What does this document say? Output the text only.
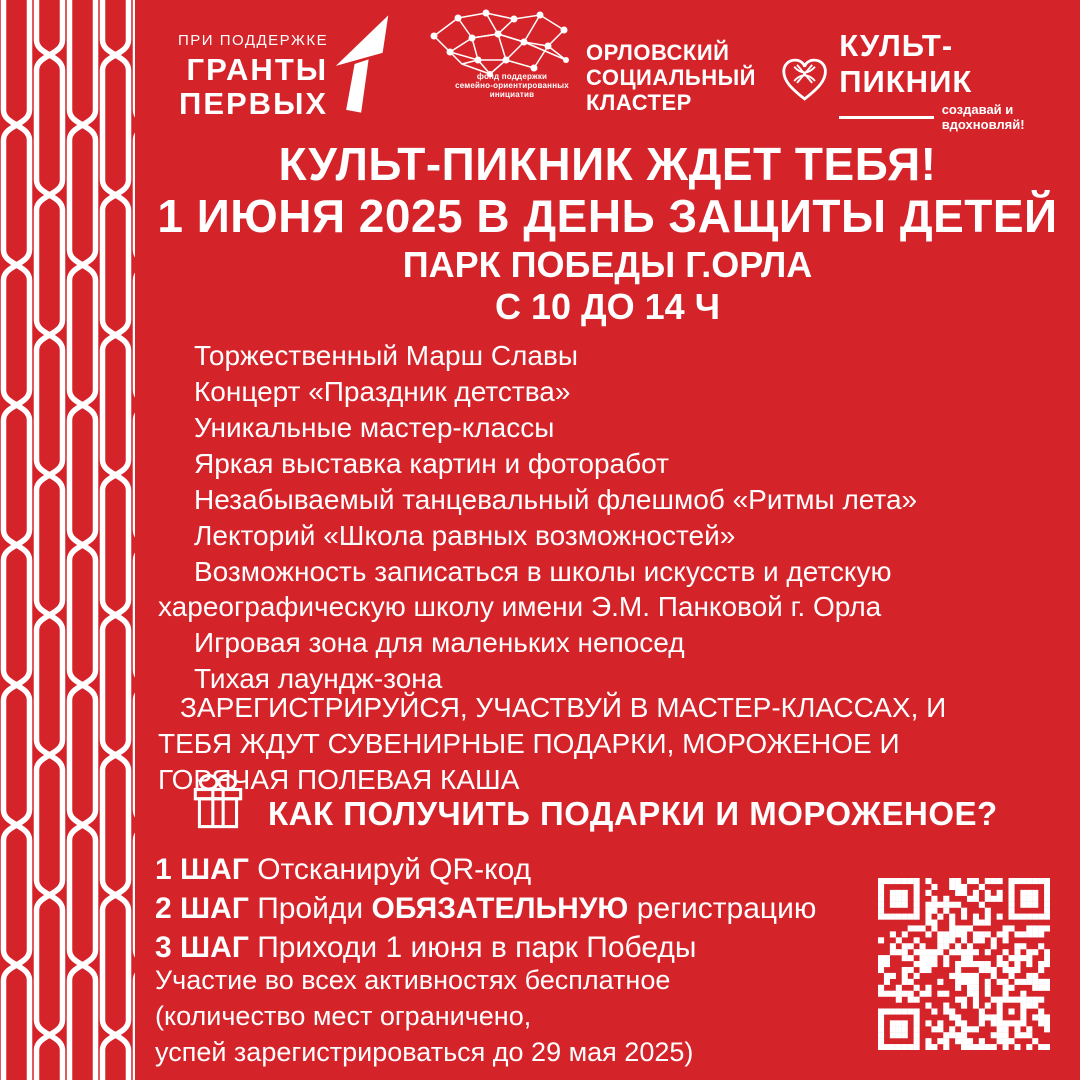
ПРИ ПОДДЕРЖКЕ
ГРАНТЫ
ПЕРВЫХ
фонд поддержки
семейно-ориентированных
инициатив
ОРЛОВСКИЙ
СОЦИАЛЬНЫЙ
КЛАСТЕР
КУЛЬТ-ПИКНИК
создавай и вдохновляй!
КУЛЬТ-ПИКНИК ЖДЕТ ТЕБЯ!
1 ИЮНЯ 2025 В ДЕНЬ ЗАЩИТЫ ДЕТЕЙ
ПАРК ПОБЕДЫ Г.ОРЛА
С 10 ДО 14 Ч
Торжественный Марш Славы
Концерт «Праздник детства»
Уникальные мастер-классы
Яркая выставка картин и фоторабот
Незабываемый танцевальный флешмоб «Ритмы лета»
Лекторий «Школа равных возможностей»
Возможность записаться в школы искусств и детскую хареографическую школу имени Э.М. Панковой г. Орла
Игровая зона для маленьких непосед
Тихая лаундж-зона
ЗАРЕГИСТРИРУЙСЯ, УЧАСТВУЙ В МАСТЕР-КЛАССАХ, И ТЕБЯ ЖДУТ СУВЕНИРНЫЕ ПОДАРКИ, МОРОЖЕНОЕ И ГОРЯЧАЯ ПОЛЕВАЯ КАША
КАК ПОЛУЧИТЬ ПОДАРКИ И МОРОЖЕНОЕ?
1 ШАГ Отсканируй QR-код
2 ШАГ Пройди ОБЯЗАТЕЛЬНУЮ регистрацию
3 ШАГ Приходи 1 июня в парк Победы
Участие во всех активностях бесплатное
(количество мест ограничено,
успей зарегистрироваться до 29 мая 2025)
